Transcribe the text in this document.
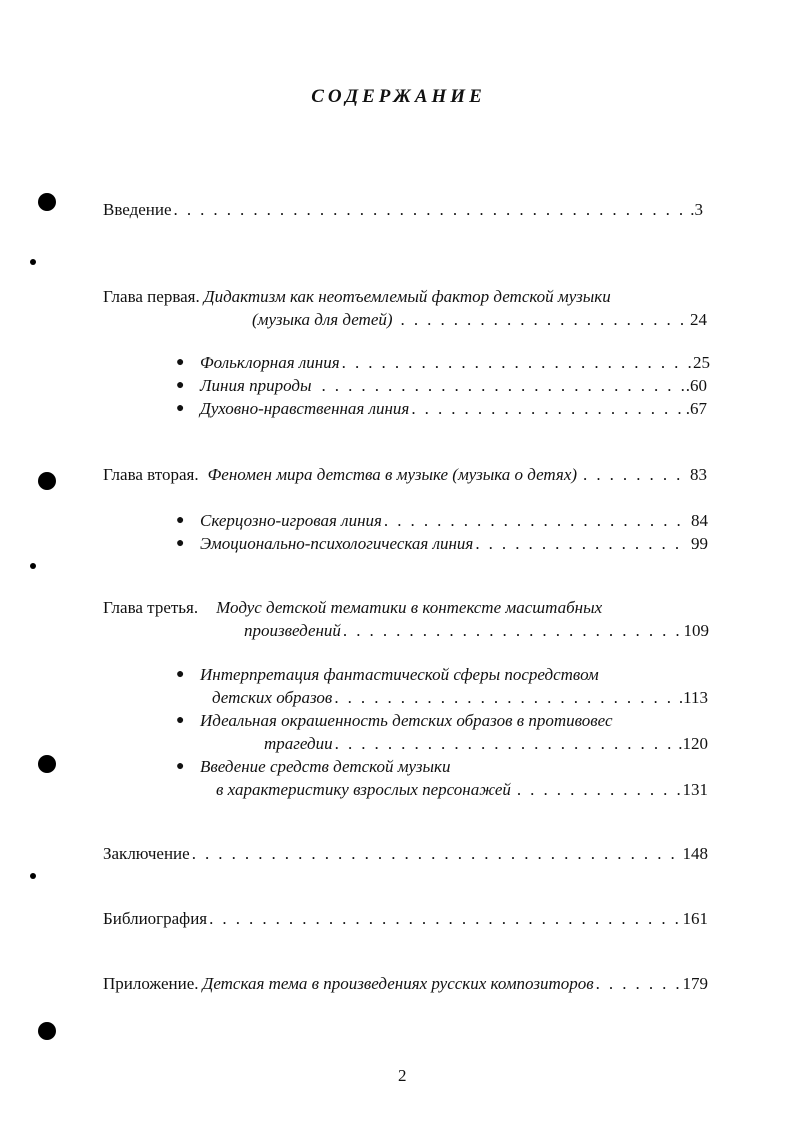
СОДЕРЖАНИЕ
Введение . . .	.3
Глава первая. Дидактизм как неотъемлемый фактор детской музыки
(музыка для детей) . . .	24
● Фольклорная линия . . .	25
● Линия природы . . .	.60
● Духовно-нравственная линия . . .	.67
Глава вторая. Феномен мира детства в музыке (музыка о детях) . . .	83
● Скерцозно-игровая линия . . .	84
● Эмоционально-психологическая линия . . .	99
Глава третья. Модус детской тематики в контексте масштабных
произведений . . .	109
● Интерпретация фантастической сферы посредством
детских образов . . .	.113
● Идеальная окрашенность детских образов в противовес
трагедии . . .	.120
● Введение средств детской музыки
в характеристику взрослых персонажей . . .	131
Заключение . . .	148
Библиография . . .	161
Приложение. Детская тема в произведениях русских композиторов . . .	179
2
